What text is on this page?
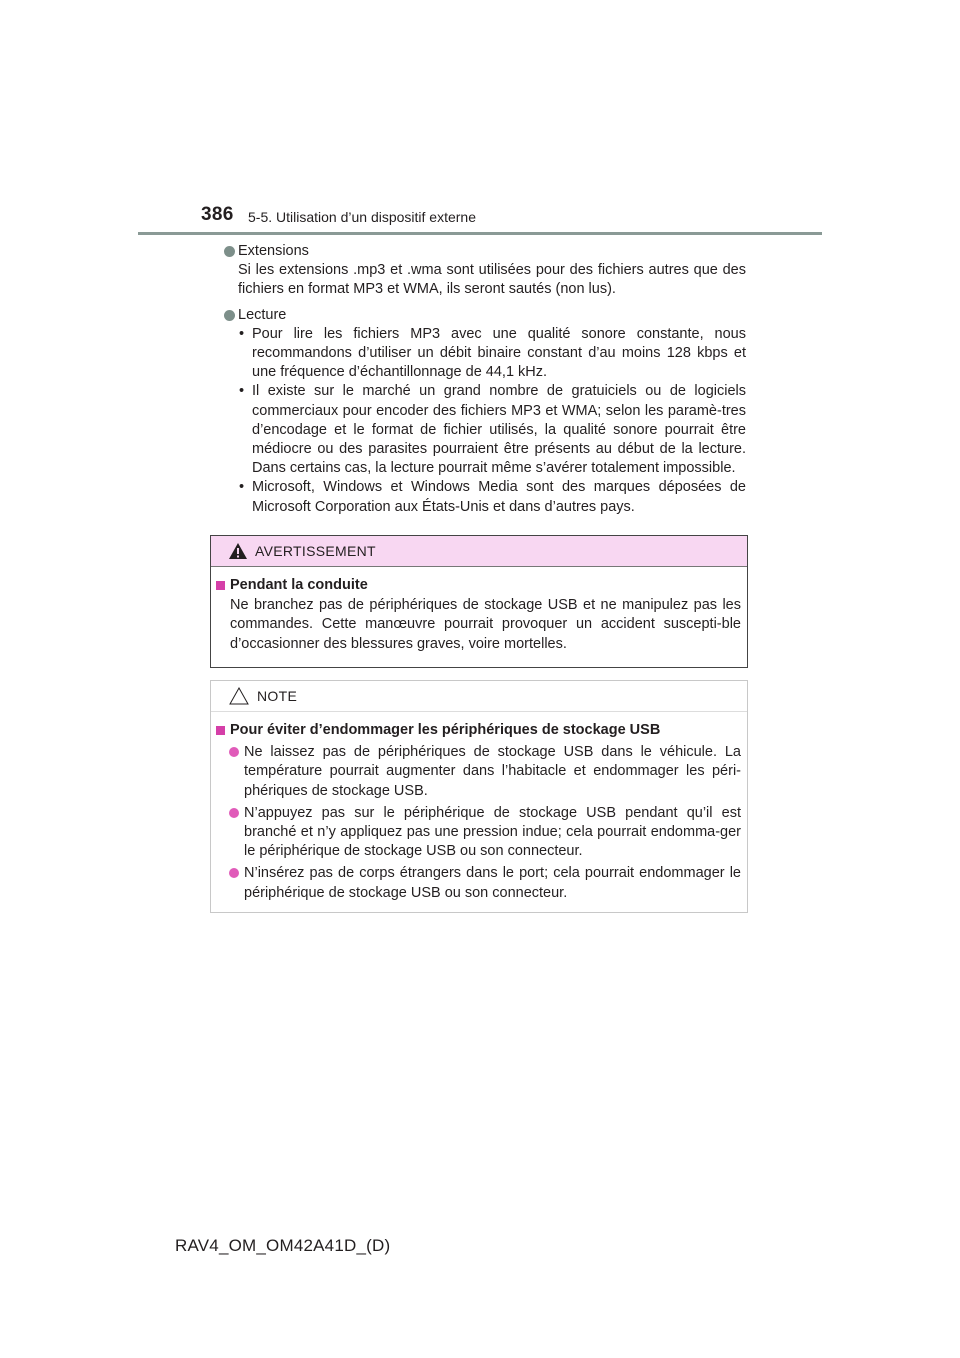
386 5-5. Utilisation d’un dispositif externe
Extensions
Si les extensions .mp3 et .wma sont utilisées pour des fichiers autres que des fichiers en format MP3 et WMA, ils seront sautés (non lus).
Lecture
• Pour lire les fichiers MP3 avec une qualité sonore constante, nous recommandons d’utiliser un débit binaire constant d’au moins 128 kbps et une fréquence d’échantillonnage de 44,1 kHz.
• Il existe sur le marché un grand nombre de gratuiciels ou de logiciels commerciaux pour encoder des fichiers MP3 et WMA; selon les paramè-tres d’encodage et le format de fichier utilisés, la qualité sonore pourrait être médiocre ou des parasites pourraient être présents au début de la lecture. Dans certains cas, la lecture pourrait même s’avérer totalement impossible.
• Microsoft, Windows et Windows Media sont des marques déposées de Microsoft Corporation aux États-Unis et dans d’autres pays.
AVERTISSEMENT
Pendant la conduite
Ne branchez pas de périphériques de stockage USB et ne manipulez pas les commandes. Cette manœuvre pourrait provoquer un accident suscepti-ble d’occasionner des blessures graves, voire mortelles.
NOTE
Pour éviter d’endommager les périphériques de stockage USB
Ne laissez pas de périphériques de stockage USB dans le véhicule. La température pourrait augmenter dans l’habitacle et endommager les péri-phériques de stockage USB.
N’appuyez pas sur le périphérique de stockage USB pendant qu’il est branché et n’y appliquez pas une pression indue; cela pourrait endomma-ger le périphérique de stockage USB ou son connecteur.
N’insérez pas de corps étrangers dans le port; cela pourrait endommager le périphérique de stockage USB ou son connecteur.
RAV4_OM_OM42A41D_(D)
